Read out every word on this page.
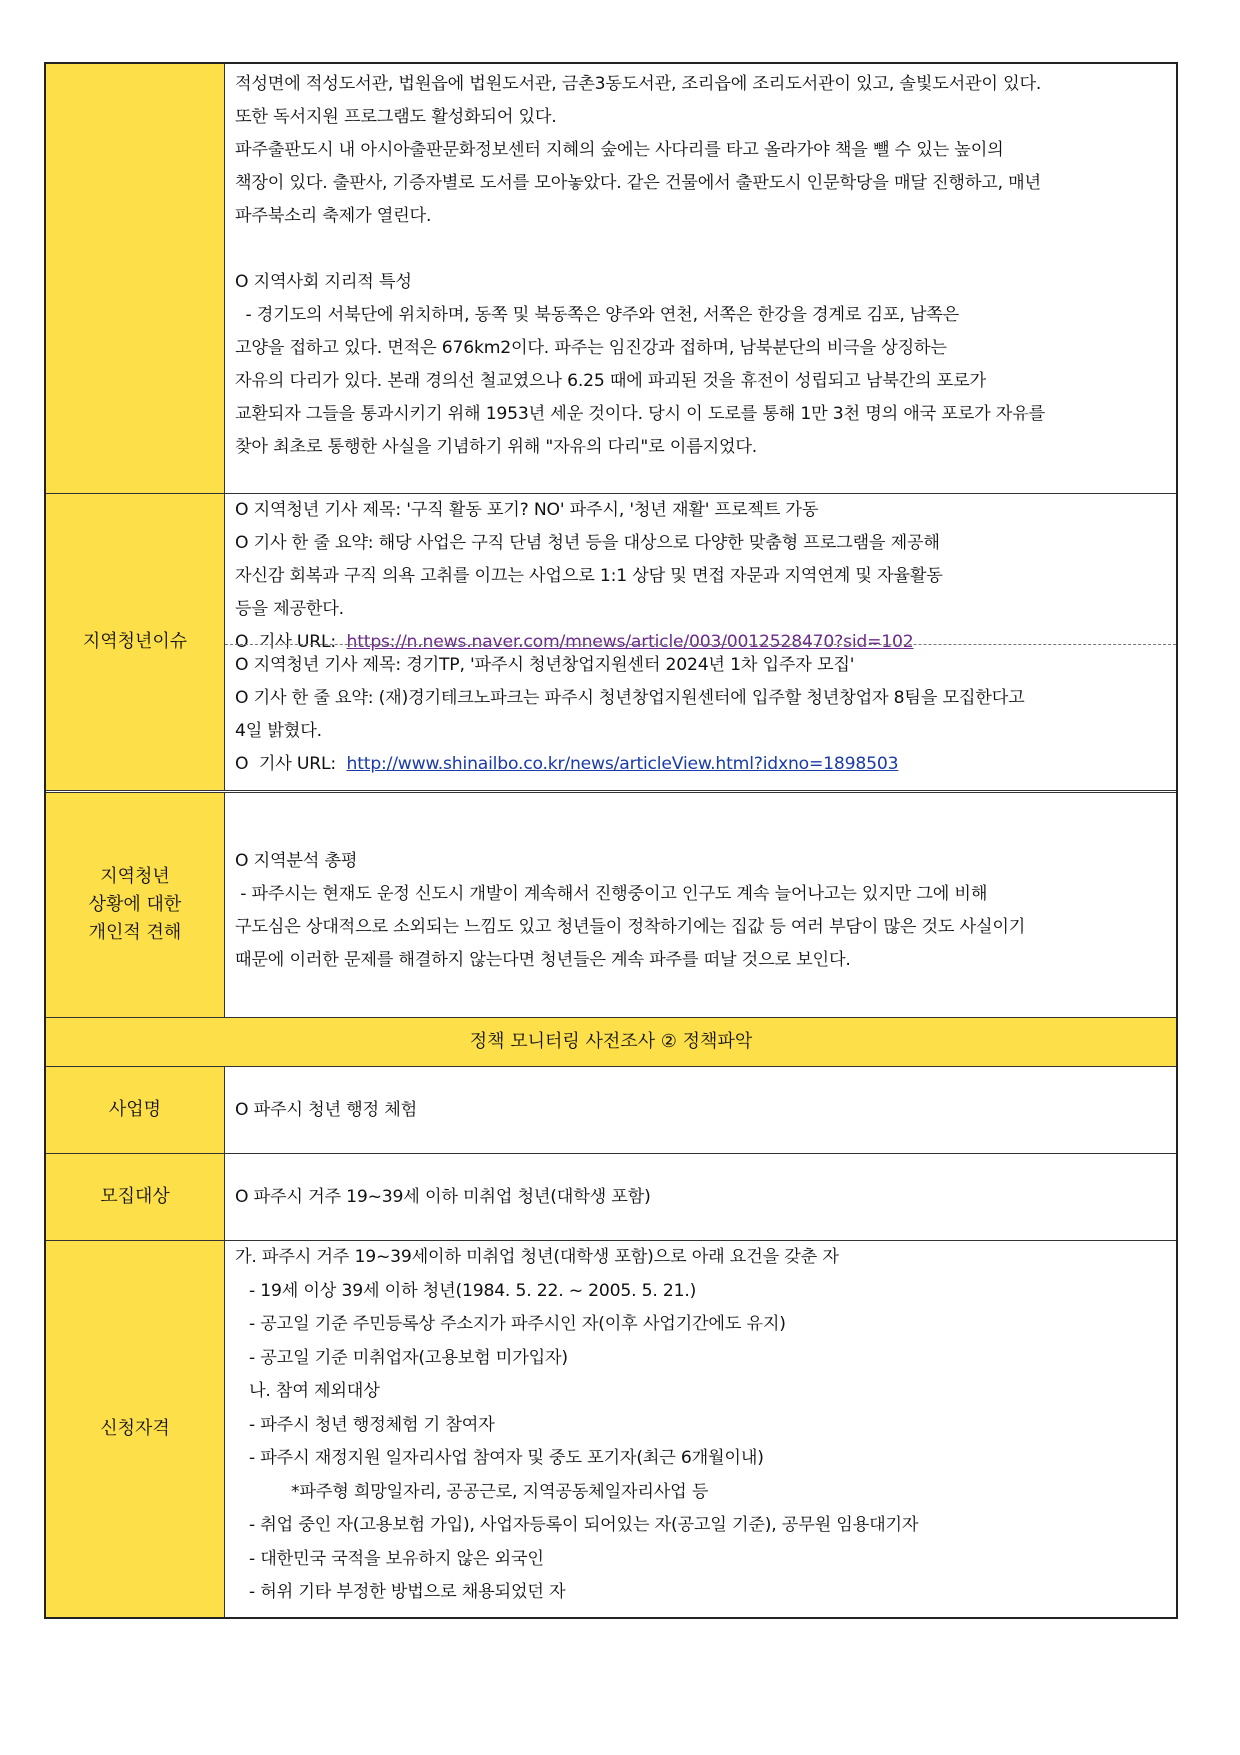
적성면에 적성도서관, 법원읍에 법원도서관, 금촌3동도서관, 조리읍에 조리도서관이 있고, 솔빛도서관이 있다.

또한 독서지원 프로그램도 활성화되어 있다.

파주출판도시 내 아시아출판문화정보센터 지혜의 숲에는 사다리를 타고 올라가야 책을 뺄 수 있는 높이의

책장이 있다. 출판사, 기증자별로 도서를 모아놓았다. 같은 건물에서 출판도시 인문학당을 매달 진행하고, 매년

파주북소리 축제가 열린다.

O 지역사회 지리적 특성

- 경기도의 서북단에 위치하며, 동쪽 및 북동쪽은 양주와 연천, 서쪽은 한강을 경계로 김포, 남쪽은

고양을 접하고 있다. 면적은 676km2이다. 파주는 임진강과 접하며, 남북분단의 비극을 상징하는

자유의 다리가 있다. 본래 경의선 철교였으나 6.25 때에 파괴된 것을 휴전이 성립되고 남북간의 포로가

교환되자 그들을 통과시키기 위해 1953년 세운 것이다. 당시 이 도로를 통해 1만 3천 명의 애국 포로가 자유를

찾아 최초로 통행한 사실을 기념하기 위해 "자유의 다리"로 이름지었다.

지역청년이슈

O 지역청년 기사 제목: '구직 활동 포기? NO' 파주시, '청년 재활' 프로젝트 가동

O 기사 한 줄 요약: 해당 사업은 구직 단념 청년 등을 대상으로 다양한 맞춤형 프로그램을 제공해

자신감 회복과 구직 의욕 고취를 이끄는 사업으로 1:1 상담 및 면접 자문과 지역연계 및 자율활동

등을 제공한다.

O  기사 URL:  https://n.news.naver.com/mnews/article/003/0012528470?sid=102

O 지역청년 기사 제목: 경기TP, '파주시 청년창업지원센터 2024년 1차 입주자 모집'

O 기사 한 줄 요약: (재)경기테크노파크는 파주시 청년창업지원센터에 입주할 청년창업자 8팀을 모집한다고

4일 밝혔다.

O  기사 URL:  http://www.shinailbo.co.kr/news/articleView.html?idxno=1898503

지역청년
상황에 대한
개인적 견해

O 지역분석 총평

- 파주시는 현재도 운정 신도시 개발이 계속해서 진행중이고 인구도 계속 늘어나고는 있지만 그에 비해

구도심은 상대적으로 소외되는 느낌도 있고 청년들이 정착하기에는 집값 등 여러 부담이 많은 것도 사실이기

때문에 이러한 문제를 해결하지 않는다면 청년들은 계속 파주를 떠날 것으로 보인다.

정책 모니터링 사전조사 ② 정책파악
사업명	O 파주시 청년 행정 체험
모집대상	O 파주시 거주 19~39세 이하 미취업 청년(대학생 포함)
신청자격

가. 파주시 거주 19~39세이하 미취업 청년(대학생 포함)으로 아래 요건을 갖춘 자

- 19세 이상 39세 이하 청년(1984. 5. 22. ~ 2005. 5. 21.)

- 공고일 기준 주민등록상 주소지가 파주시인 자(이후 사업기간에도 유지)

- 공고일 기준 미취업자(고용보험 미가입자)

나. 참여 제외대상

- 파주시 청년 행정체험 기 참여자

- 파주시 재정지원 일자리사업 참여자 및 중도 포기자(최근 6개월이내)

*파주형 희망일자리, 공공근로, 지역공동체일자리사업 등

- 취업 중인 자(고용보험 가입), 사업자등록이 되어있는 자(공고일 기준), 공무원 임용대기자

- 대한민국 국적을 보유하지 않은 외국인

- 허위 기타 부정한 방법으로 채용되었던 자
